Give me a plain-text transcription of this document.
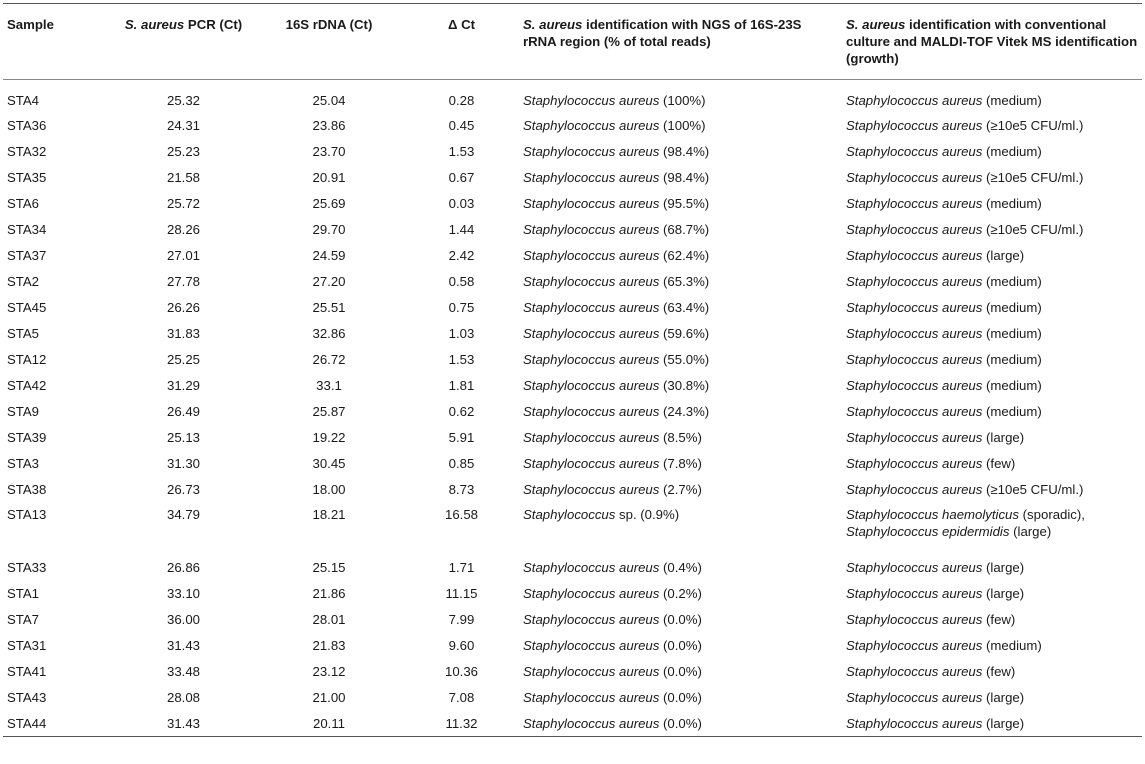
Sample	S. aureus PCR (Ct)	16S rDNA (Ct)	Δ Ct	S. aureus identification with NGS of 16S-23S rRNA region (% of total reads)	S. aureus identification with conventional culture and MALDI-TOF Vitek MS identification (growth)
STA4	25.32	25.04	0.28	Staphylococcus aureus (100%)	Staphylococcus aureus (medium)
STA36	24.31	23.86	0.45	Staphylococcus aureus (100%)	Staphylococcus aureus (≥10e5 CFU/ml.)
STA32	25.23	23.70	1.53	Staphylococcus aureus (98.4%)	Staphylococcus aureus (medium)
STA35	21.58	20.91	0.67	Staphylococcus aureus (98.4%)	Staphylococcus aureus (≥10e5 CFU/ml.)
STA6	25.72	25.69	0.03	Staphylococcus aureus (95.5%)	Staphylococcus aureus (medium)
STA34	28.26	29.70	1.44	Staphylococcus aureus (68.7%)	Staphylococcus aureus (≥10e5 CFU/ml.)
STA37	27.01	24.59	2.42	Staphylococcus aureus (62.4%)	Staphylococcus aureus (large)
STA2	27.78	27.20	0.58	Staphylococcus aureus (65.3%)	Staphylococcus aureus (medium)
STA45	26.26	25.51	0.75	Staphylococcus aureus (63.4%)	Staphylococcus aureus (medium)
STA5	31.83	32.86	1.03	Staphylococcus aureus (59.6%)	Staphylococcus aureus (medium)
STA12	25.25	26.72	1.53	Staphylococcus aureus (55.0%)	Staphylococcus aureus (medium)
STA42	31.29	33.1	1.81	Staphylococcus aureus (30.8%)	Staphylococcus aureus (medium)
STA9	26.49	25.87	0.62	Staphylococcus aureus (24.3%)	Staphylococcus aureus (medium)
STA39	25.13	19.22	5.91	Staphylococcus aureus (8.5%)	Staphylococcus aureus (large)
STA3	31.30	30.45	0.85	Staphylococcus aureus (7.8%)	Staphylococcus aureus (few)
STA38	26.73	18.00	8.73	Staphylococcus aureus (2.7%)	Staphylococcus aureus (≥10e5 CFU/ml.)
STA13	34.79	18.21	16.58	Staphylococcus sp. (0.9%)	Staphylococcus haemolyticus (sporadic),
Staphylococcus epidermidis (large)
STA33	26.86	25.15	1.71	Staphylococcus aureus (0.4%)	Staphylococcus aureus (large)
STA1	33.10	21.86	11.15	Staphylococcus aureus (0.2%)	Staphylococcus aureus (large)
STA7	36.00	28.01	7.99	Staphylococcus aureus (0.0%)	Staphylococcus aureus (few)
STA31	31.43	21.83	9.60	Staphylococcus aureus (0.0%)	Staphylococcus aureus (medium)
STA41	33.48	23.12	10.36	Staphylococcus aureus (0.0%)	Staphylococcus aureus (few)
STA43	28.08	21.00	7.08	Staphylococcus aureus (0.0%)	Staphylococcus aureus (large)
STA44	31.43	20.11	11.32	Staphylococcus aureus (0.0%)	Staphylococcus aureus (large)
